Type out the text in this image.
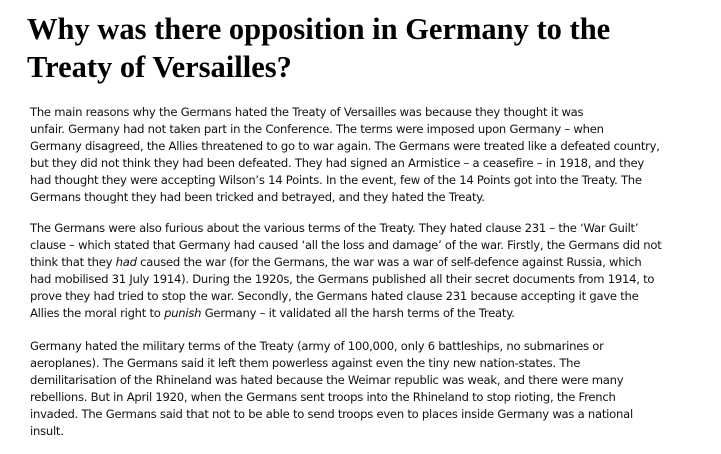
Why was there opposition in Germany to the
Treaty of Versailles?

The main reasons why the Germans hated the Treaty of Versailles was because they thought it was
unfair. Germany had not taken part in the Conference. The terms were imposed upon Germany – when
Germany disagreed, the Allies threatened to go to war again. The Germans were treated like a defeated country,
but they did not think they had been defeated. They had signed an Armistice – a ceasefire – in 1918, and they
had thought they were accepting Wilson’s 14 Points. In the event, few of the 14 Points got into the Treaty. The
Germans thought they had been tricked and betrayed, and they hated the Treaty.

The Germans were also furious about the various terms of the Treaty. They hated clause 231 – the ‘War Guilt’
clause – which stated that Germany had caused ‘all the loss and damage’ of the war. Firstly, the Germans did not
think that they had caused the war (for the Germans, the war was a war of self-defence against Russia, which
had mobilised 31 July 1914). During the 1920s, the Germans published all their secret documents from 1914, to
prove they had tried to stop the war. Secondly, the Germans hated clause 231 because accepting it gave the
Allies the moral right to punish Germany – it validated all the harsh terms of the Treaty.

Germany hated the military terms of the Treaty (army of 100,000, only 6 battleships, no submarines or
aeroplanes). The Germans said it left them powerless against even the tiny new nation-states. The
demilitarisation of the Rhineland was hated because the Weimar republic was weak, and there were many
rebellions. But in April 1920, when the Germans sent troops into the Rhineland to stop rioting, the French
invaded. The Germans said that not to be able to send troops even to places inside Germany was a national
insult.
